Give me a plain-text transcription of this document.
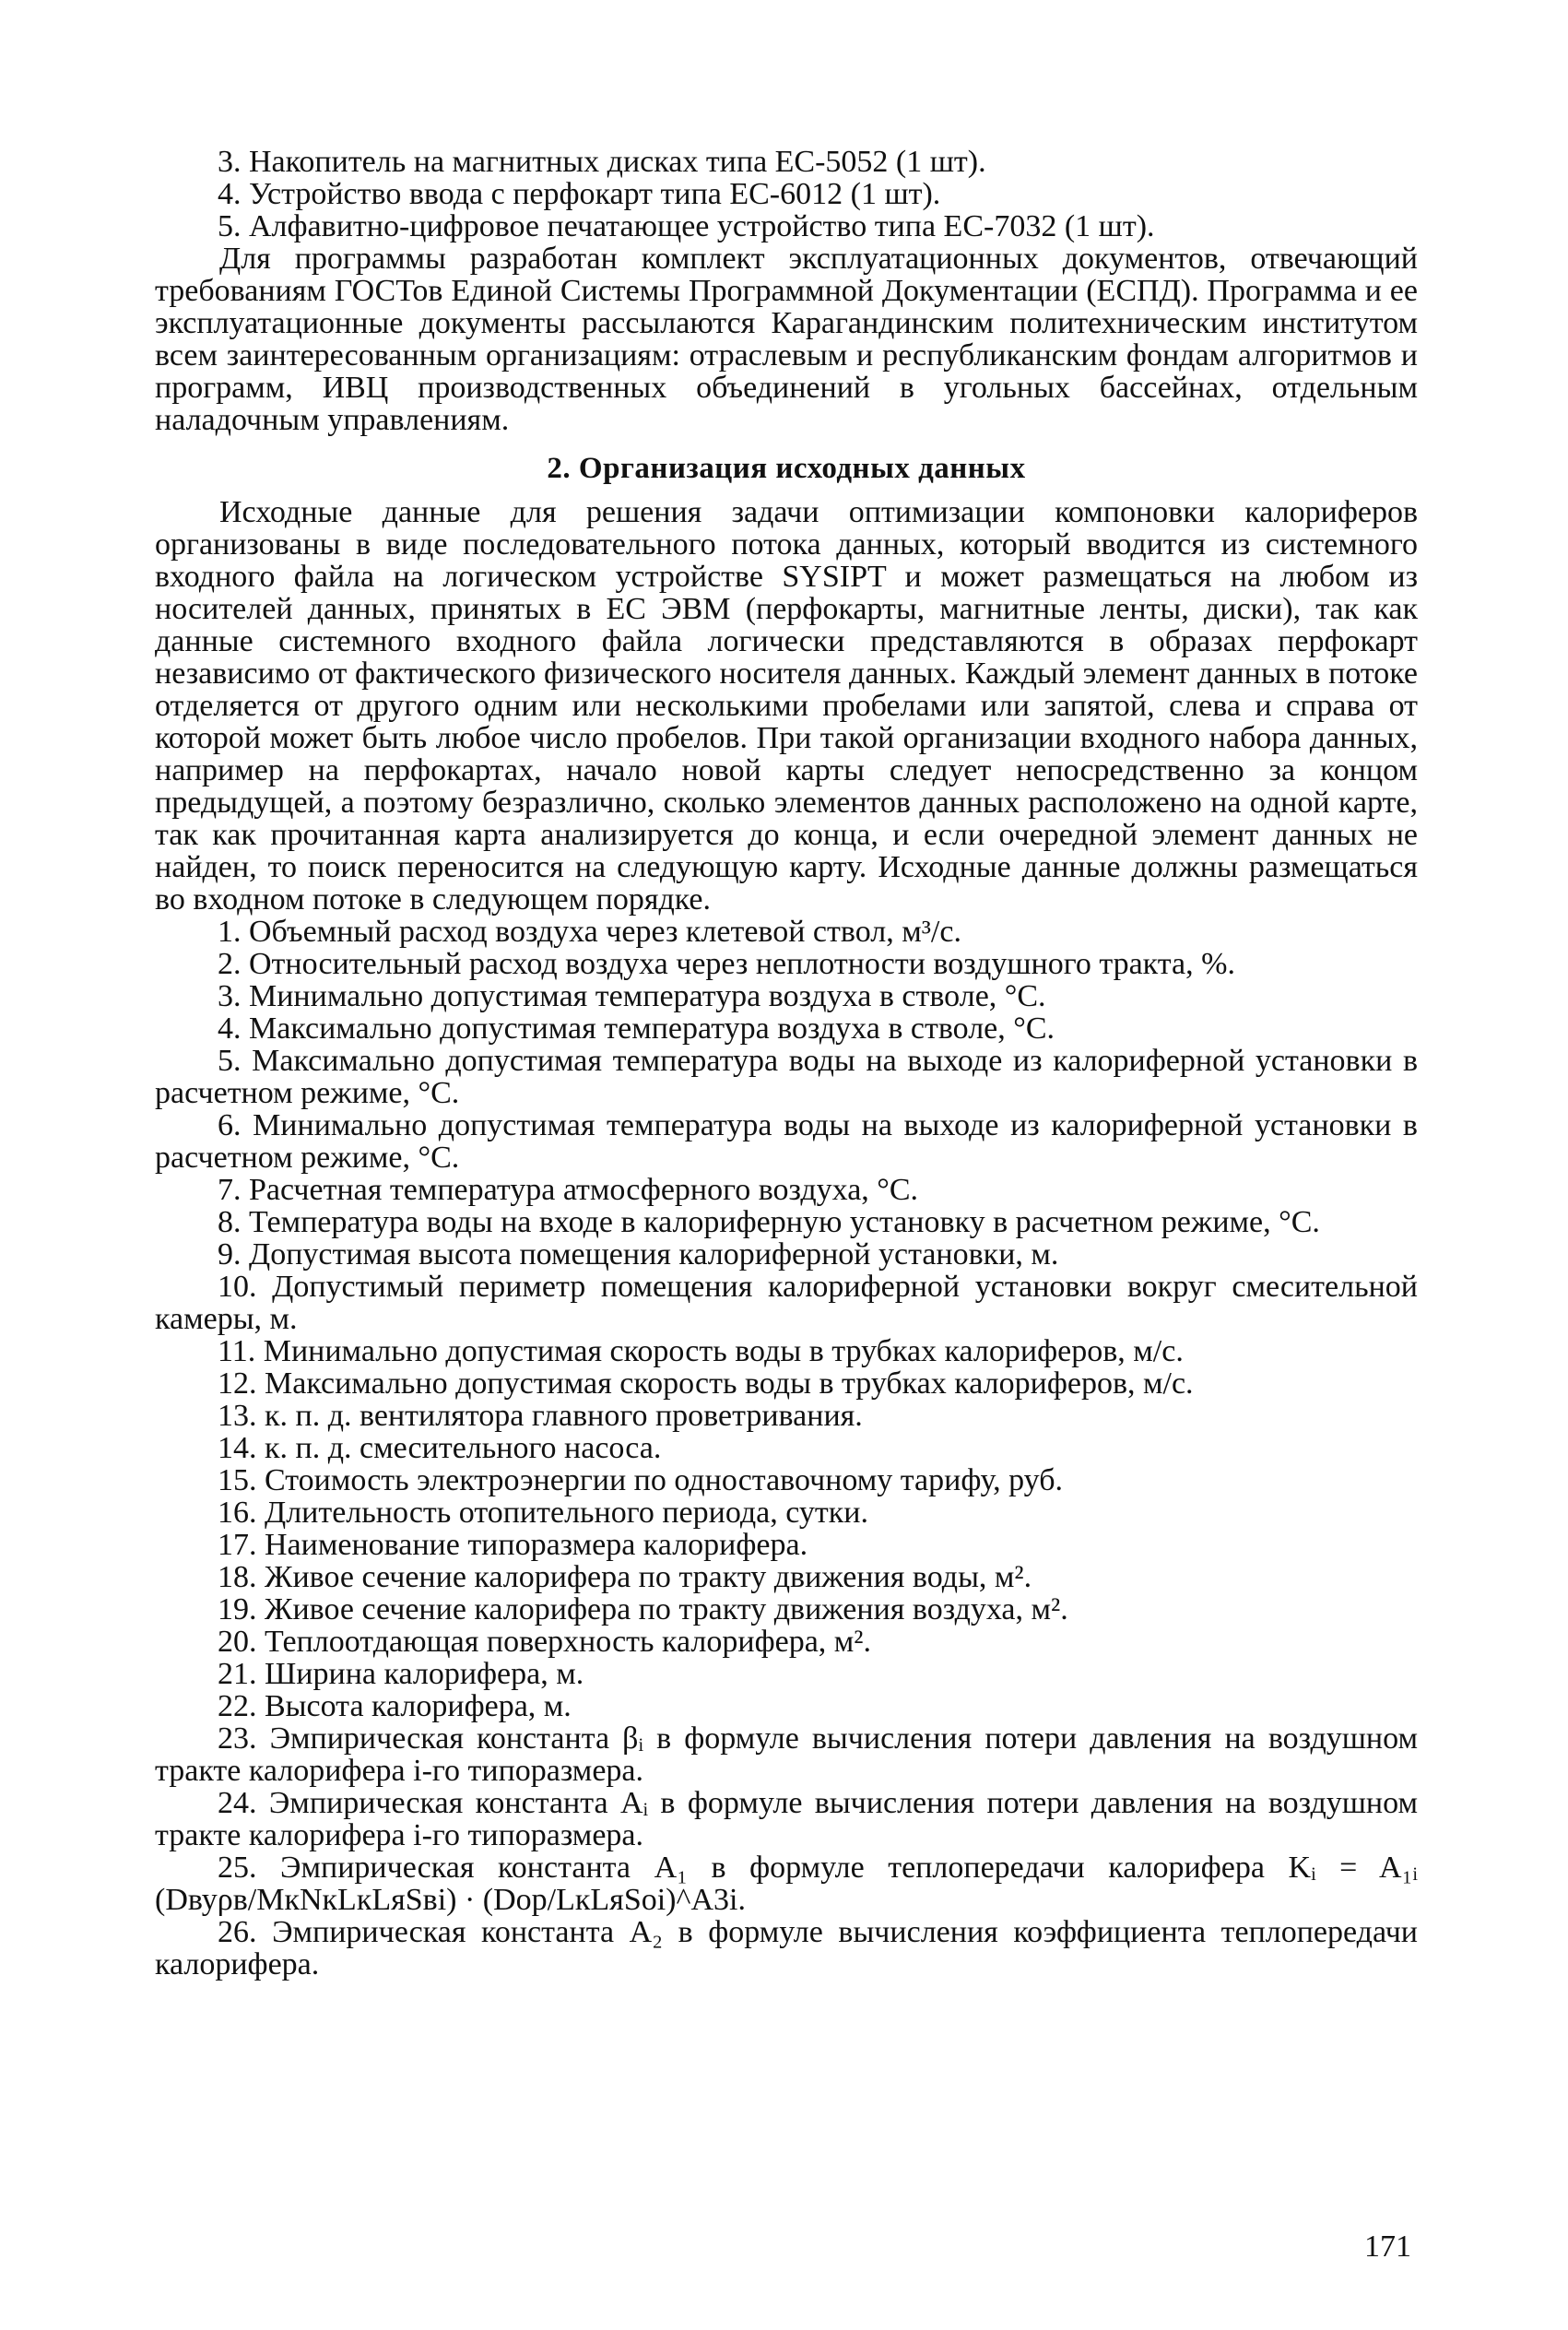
3. Накопитель на магнитных дисках типа ЕС-5052 (1 шт).

4. Устройство ввода с перфокарт типа ЕС-6012 (1 шт).

5. Алфавитно-цифровое печатающее устройство типа ЕС-7032 (1 шт).

Для программы разработан комплект эксплуатационных документов, отвечающий требованиям ГОСТов Единой Системы Программной Документации (ЕСПД). Программа и ее эксплуатационные документы рассылаются Карагандинским политехническим институтом всем заинтересованным организациям: отраслевым и республиканским фондам алгоритмов и программ, ИВЦ производственных объединений в угольных бассейнах, отдельным наладочным управлениям.

2. Организация исходных данных

Исходные данные для решения задачи оптимизации компоновки калориферов организованы в виде последовательного потока данных, который вводится из системного входного файла на логическом устройстве SYSIPT и может размещаться на любом из носителей данных, принятых в ЕС ЭВМ (перфокарты, магнитные ленты, диски), так как данные системного входного файла логически представляются в образах перфокарт независимо от фактического физического носителя данных. Каждый элемент данных в потоке отделяется от другого одним или несколькими пробелами или запятой, слева и справа от которой может быть любое число пробелов. При такой организации входного набора данных, например на перфокартах, начало новой карты следует непосредственно за концом предыдущей, а поэтому безразлично, сколько элементов данных расположено на одной карте, так как прочитанная карта анализируется до конца, и если очередной элемент данных не найден, то поиск переносится на следующую карту. Исходные данные должны размещаться во входном потоке в следующем порядке.

1. Объемный расход воздуха через клетевой ствол, м³/с.

2. Относительный расход воздуха через неплотности воздушного тракта, %.

3. Минимально допустимая температура воздуха в стволе, °С.

4. Максимально допустимая температура воздуха в стволе, °С.

5. Максимально допустимая температура воды на выходе из калориферной установки в расчетном режиме, °С.

6. Минимально допустимая температура воды на выходе из калориферной установки в расчетном режиме, °С.

7. Расчетная температура атмосферного воздуха, °С.

8. Температура воды на входе в калориферную установку в расчетном режиме, °С.

9. Допустимая высота помещения калориферной установки, м.

10. Допустимый периметр помещения калориферной установки вокруг смесительной камеры, м.

11. Минимально допустимая скорость воды в трубках калориферов, м/с.

12. Максимально допустимая скорость воды в трубках калориферов, м/с.

13. к. п. д. вентилятора главного проветривания.

14. к. п. д. смесительного насоса.

15. Стоимость электроэнергии по одноставочному тарифу, руб.

16. Длительность отопительного периода, сутки.

17. Наименование типоразмера калорифера.

18. Живое сечение калорифера по тракту движения воды, м².

19. Живое сечение калорифера по тракту движения воздуха, м².

20. Теплоотдающая поверхность калорифера, м².

21. Ширина калорифера, м.

22. Высота калорифера, м.

23. Эмпирическая константа βᵢ в формуле вычисления потери давления на воздушном тракте калорифера i-го типоразмера.

24. Эмпирическая константа Aᵢ в формуле вычисления потери давления на воздушном тракте калорифера i-го типоразмера.

25. Эмпирическая константа A₁ в формуле теплопередачи калорифера Kᵢ = A₁ᵢ (Dвуρв/MкNкLкLяSвi) · (Dор/LкLяSоi)^A3i.

26. Эмпирическая константа A₂ в формуле вычисления коэффициента теплопередачи калорифера.

171
